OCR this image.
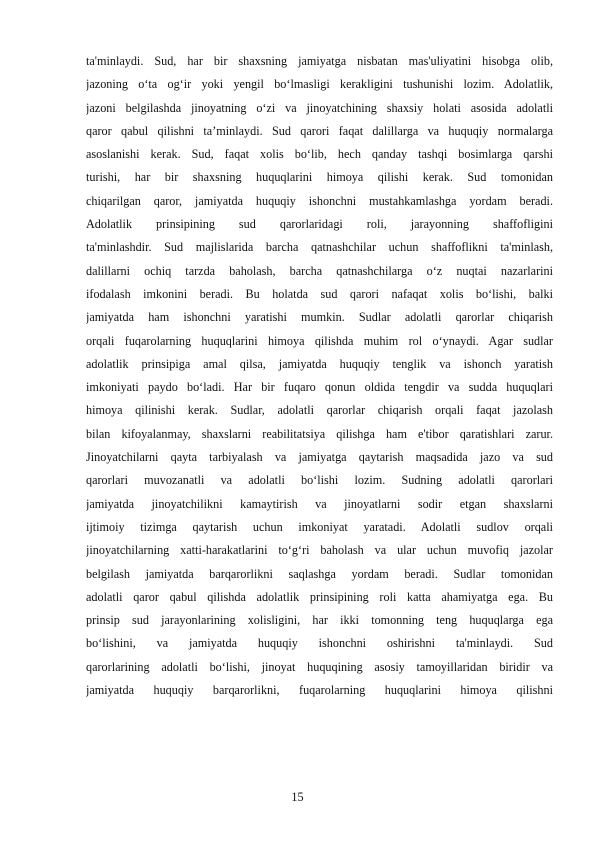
ta'minlaydi. Sud, har bir shaxsning jamiyatga nisbatan mas'uliyatini hisobga olib,
jazoning o‘ta og‘ir yoki yengil bo‘lmasligi kerakligini tushunishi lozim. Adolatlik,
jazoni belgilashda jinoyatning o‘zi va jinoyatchining shaxsiy holati asosida adolatli
qaror qabul qilishni ta’minlaydi. Sud qarori faqat dalillarga va huquqiy normalarga
asoslanishi kerak. Sud, faqat xolis bo‘lib, hech qanday tashqi bosimlarga qarshi
turishi, har bir shaxsning huquqlarini himoya qilishi kerak. Sud tomonidan
chiqarilgan qaror, jamiyatda huquqiy ishonchni mustahkamlashga yordam beradi.
Adolatlik prinsipining sud qarorlaridagi roli, jarayonning shaffofligini
ta'minlashdir. Sud majlislarida barcha qatnashchilar uchun shaffoflikni ta'minlash,
dalillarni ochiq tarzda baholash, barcha qatnashchilarga o‘z nuqtai nazarlarini
ifodalash imkonini beradi. Bu holatda sud qarori nafaqat xolis bo‘lishi, balki
jamiyatda ham ishonchni yaratishi mumkin. Sudlar adolatli qarorlar chiqarish
orqali fuqarolarning huquqlarini himoya qilishda muhim rol o‘ynaydi. Agar sudlar
adolatlik prinsipiga amal qilsa, jamiyatda huquqiy tenglik va ishonch yaratish
imkoniyati paydo bo‘ladi. Har bir fuqaro qonun oldida tengdir va sudda huquqlari
himoya qilinishi kerak. Sudlar, adolatli qarorlar chiqarish orqali faqat jazolash
bilan kifoyalanmay, shaxslarni reabilitatsiya qilishga ham e'tibor qaratishlari zarur.
Jinoyatchilarni qayta tarbiyalash va jamiyatga qaytarish maqsadida jazo va sud
qarorlari muvozanatli va adolatli bo‘lishi lozim. Sudning adolatli qarorlari
jamiyatda jinoyatchilikni kamaytirish va jinoyatlarni sodir etgan shaxslarni
ijtimoiy tizimga qaytarish uchun imkoniyat yaratadi. Adolatli sudlov orqali
jinoyatchilarning xatti-harakatlarini to‘g‘ri baholash va ular uchun muvofiq jazolar
belgilash jamiyatda barqarorlikni saqlashga yordam beradi. Sudlar tomonidan
adolatli qaror qabul qilishda adolatlik prinsipining roli katta ahamiyatga ega. Bu
prinsip sud jarayonlarining xolisligini, har ikki tomonning teng huquqlarga ega
bo‘lishini, va jamiyatda huquqiy ishonchni oshirishni ta'minlaydi. Sud
qarorlarining adolatli bo‘lishi, jinoyat huquqining asosiy tamoyillaridan biridir va
jamiyatda huquqiy barqarorlikni, fuqarolarning huquqlarini himoya qilishni
15
